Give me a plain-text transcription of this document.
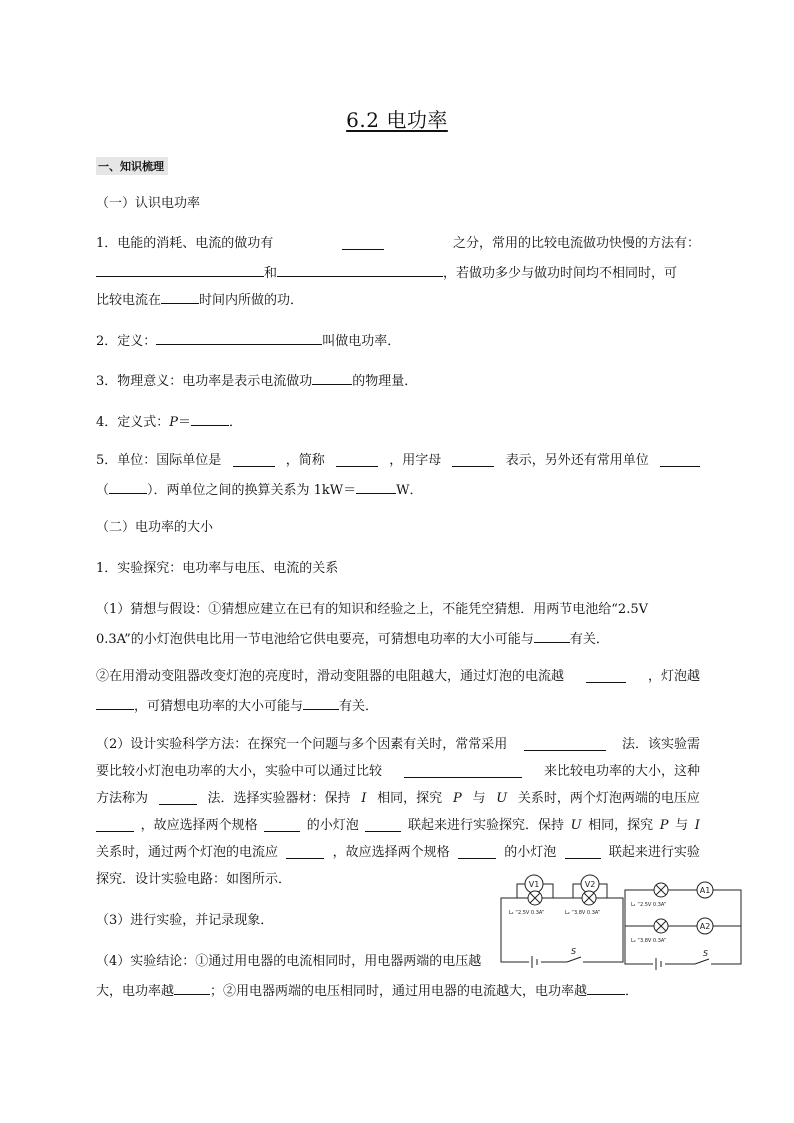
6.2 电功率
一、知识梳理
（一）认识电功率
1．电能的消耗、电流的做功有	之分，常用的比较电流做功快慢的方法有：
和	，若做功多少与做功时间均不相同时，可
比较电流在	时间内所做的功．
2．定义：	叫做电功率．
3．物理意义：电功率是表示电流做功	的物理量．
4．定义式：P＝	．
5．单位：国际单位是	，简称	，用字母	表示，另外还有常用单位
（	）．两单位之间的换算关系为 1kW＝	W．
（二）电功率的大小
1．实验探究：电功率与电压、电流的关系
（1）猜想与假设：①猜想应建立在已有的知识和经验之上，不能凭空猜想．用两节电池给“2.5V
0.3A”的小灯泡供电比用一节电池给它供电要亮，可猜想电功率的大小可能与	有关．
②在用滑动变阻器改变灯泡的亮度时，滑动变阻器的电阻越大，通过灯泡的电流越	，灯泡越
，可猜想电功率的大小可能与	有关．
（2）设计实验科学方法：在探究一个问题与多个因素有关时，常常采用	法．该实验需
要比较小灯泡电功率的大小，实验中可以通过比较	来比较电功率的大小，这种
方法称为	法．选择实验器材：保持 I 相同，探究 P 与 U 关系时，两个灯泡两端的电压应
，故应选择两个规格	的小灯泡	联起来进行实验探究．保持 U 相同，探究 P 与 I
关系时，通过两个灯泡的电流应	，故应选择两个规格	的小灯泡	联起来进行实验
探究．设计实验电路：如图所示．
（3）进行实验，并记录现象．
（4）实验结论：①通过用电器的电流相同时，用电器两端的电压越
大，电功率越	；②用电器两端的电压相同时，通过用电器的电流越大，电功率越	．
V1	V2
A1
A2
L₁ “2.5V 0.3A”	L₂ “3.8V 0.3A”
L₁ “2.5V 0.3A”
L₂ “3.8V 0.3A”
S	S
